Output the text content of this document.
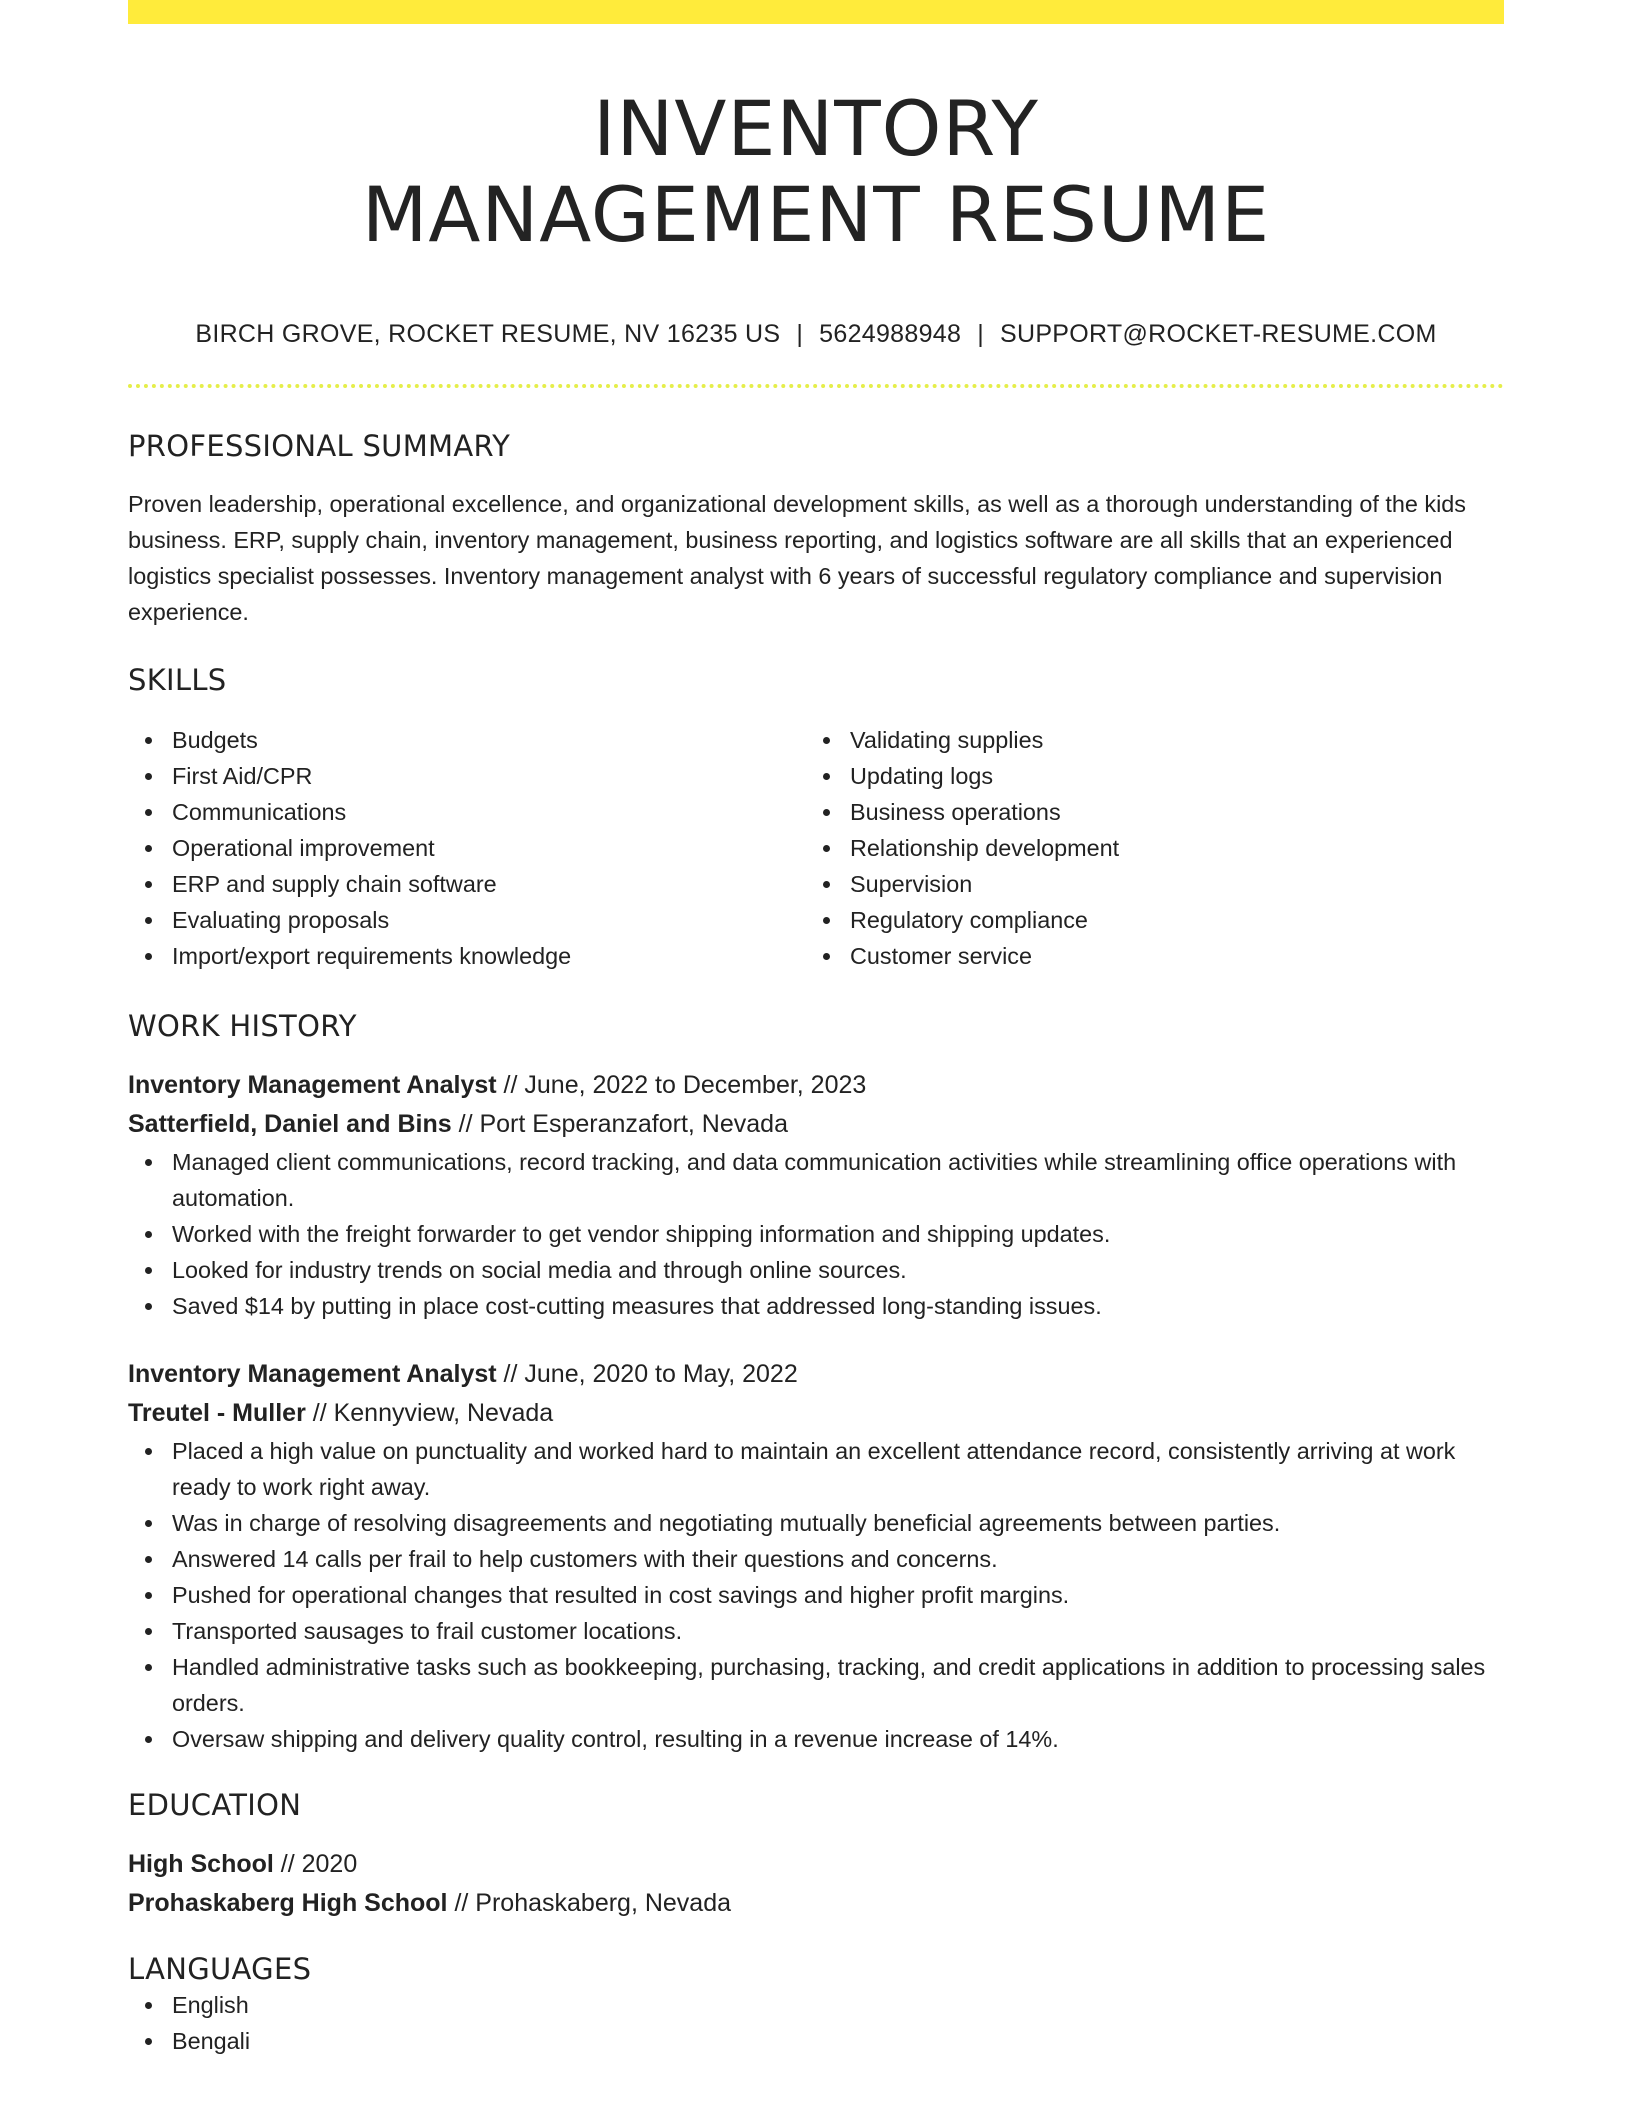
INVENTORY
MANAGEMENT RESUME
BIRCH GROVE, ROCKET RESUME, NV 16235 US | 5624988948 | SUPPORT@ROCKET-RESUME.COM
PROFESSIONAL SUMMARY
Proven leadership, operational excellence, and organizational development skills, as well as a thorough understanding of the kids business. ERP, supply chain, inventory management, business reporting, and logistics software are all skills that an experienced logistics specialist possesses. Inventory management analyst with 6 years of successful regulatory compliance and supervision experience.
SKILLS
Budgets
First Aid/CPR
Communications
Operational improvement
ERP and supply chain software
Evaluating proposals
Import/export requirements knowledge
Validating supplies
Updating logs
Business operations
Relationship development
Supervision
Regulatory compliance
Customer service
WORK HISTORY
Inventory Management Analyst // June, 2022 to December, 2023
Satterfield, Daniel and Bins // Port Esperanzafort, Nevada
Managed client communications, record tracking, and data communication activities while streamlining office operations with automation.
Worked with the freight forwarder to get vendor shipping information and shipping updates.
Looked for industry trends on social media and through online sources.
Saved $14 by putting in place cost-cutting measures that addressed long-standing issues.
Inventory Management Analyst // June, 2020 to May, 2022
Treutel - Muller // Kennyview, Nevada
Placed a high value on punctuality and worked hard to maintain an excellent attendance record, consistently arriving at work ready to work right away.
Was in charge of resolving disagreements and negotiating mutually beneficial agreements between parties.
Answered 14 calls per frail to help customers with their questions and concerns.
Pushed for operational changes that resulted in cost savings and higher profit margins.
Transported sausages to frail customer locations.
Handled administrative tasks such as bookkeeping, purchasing, tracking, and credit applications in addition to processing sales orders.
Oversaw shipping and delivery quality control, resulting in a revenue increase of 14%.
EDUCATION
High School // 2020
Prohaskaberg High School // Prohaskaberg, Nevada
LANGUAGES
English
Bengali
